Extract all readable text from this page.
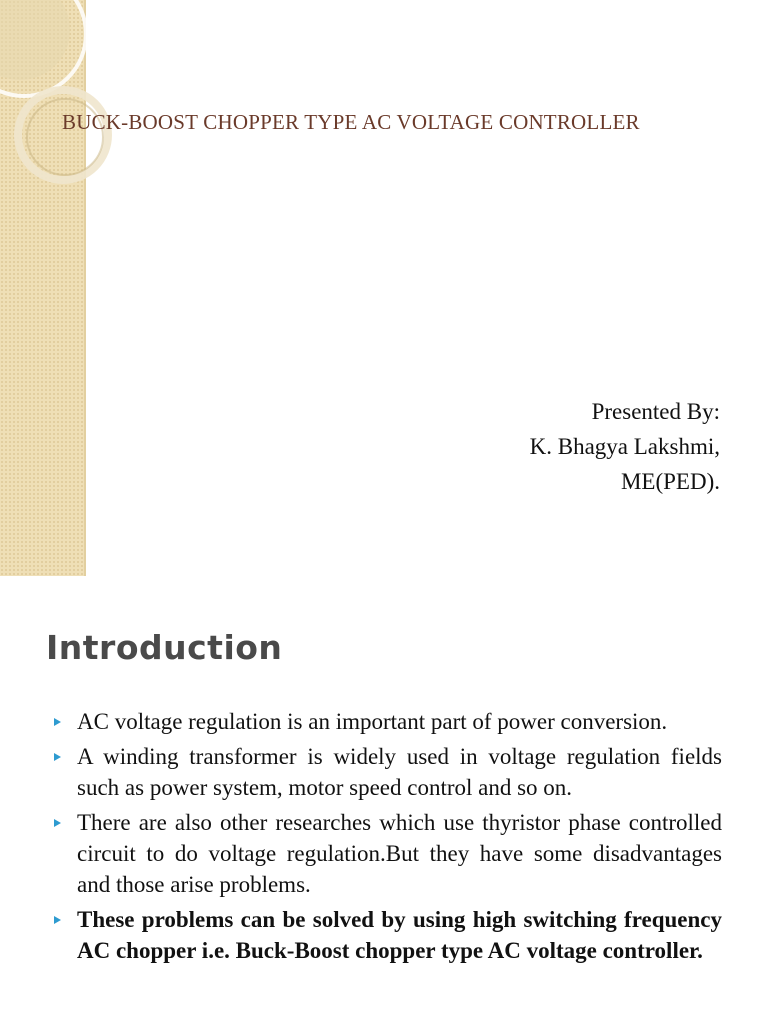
BUCK-BOOST CHOPPER TYPE AC VOLTAGE CONTROLLER
Presented By:
K. Bhagya Lakshmi,
ME(PED).
Introduction
AC voltage regulation is an important part of power conversion.
A winding transformer is widely used in voltage regulation fields such as power system, motor speed control and so on.
There are also other researches which use thyristor phase controlled circuit to do voltage regulation.But they have some disadvantages and those arise problems.
These problems can be solved by using high switching frequency AC chopper i.e. Buck-Boost chopper type AC voltage controller.
